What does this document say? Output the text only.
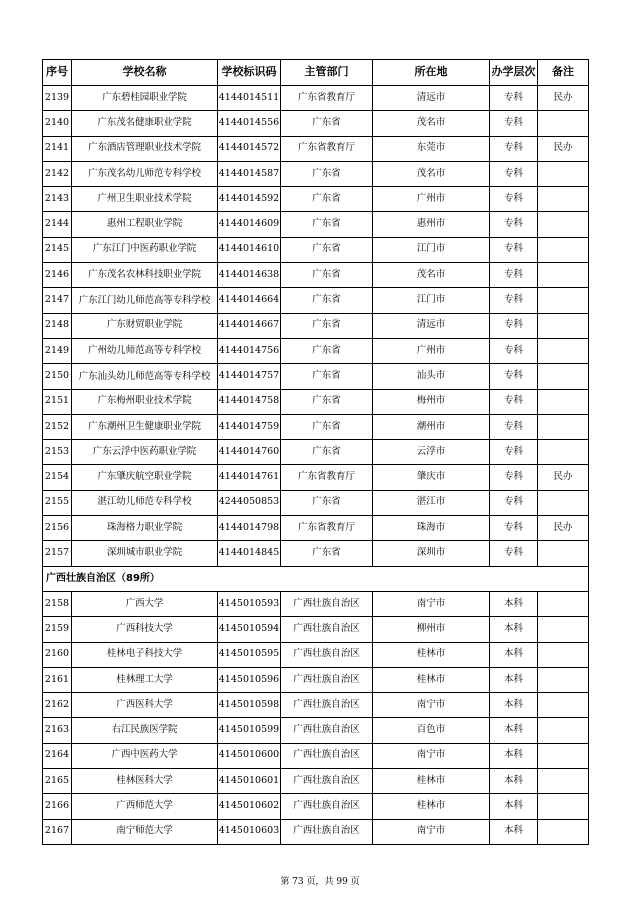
序号	学校名称	学校标识码	主管部门	所在地	办学层次	备注
2139	广东碧桂园职业学院	4144014511	广东省教育厅	清远市	专科	民办
2140	广东茂名健康职业学院	4144014556	广东省	茂名市	专科	
2141	广东酒店管理职业技术学院	4144014572	广东省教育厅	东莞市	专科	民办
2142	广东茂名幼儿师范专科学校	4144014587	广东省	茂名市	专科	
2143	广州卫生职业技术学院	4144014592	广东省	广州市	专科	
2144	惠州工程职业学院	4144014609	广东省	惠州市	专科	
2145	广东江门中医药职业学院	4144014610	广东省	江门市	专科	
2146	广东茂名农林科技职业学院	4144014638	广东省	茂名市	专科	
2147	广东江门幼儿师范高等专科学校	4144014664	广东省	江门市	专科	
2148	广东财贸职业学院	4144014667	广东省	清远市	专科	
2149	广州幼儿师范高等专科学校	4144014756	广东省	广州市	专科	
2150	广东汕头幼儿师范高等专科学校	4144014757	广东省	汕头市	专科	
2151	广东梅州职业技术学院	4144014758	广东省	梅州市	专科	
2152	广东潮州卫生健康职业学院	4144014759	广东省	潮州市	专科	
2153	广东云浮中医药职业学院	4144014760	广东省	云浮市	专科	
2154	广东肇庆航空职业学院	4144014761	广东省教育厅	肇庆市	专科	民办
2155	湛江幼儿师范专科学校	4244050853	广东省	湛江市	专科	
2156	珠海格力职业学院	4144014798	广东省教育厅	珠海市	专科	民办
2157	深圳城市职业学院	4144014845	广东省	深圳市	专科	
广西壮族自治区（89所）						
2158	广西大学	4145010593	广西壮族自治区	南宁市	本科	
2159	广西科技大学	4145010594	广西壮族自治区	柳州市	本科	
2160	桂林电子科技大学	4145010595	广西壮族自治区	桂林市	本科	
2161	桂林理工大学	4145010596	广西壮族自治区	桂林市	本科	
2162	广西医科大学	4145010598	广西壮族自治区	南宁市	本科	
2163	右江民族医学院	4145010599	广西壮族自治区	百色市	本科	
2164	广西中医药大学	4145010600	广西壮族自治区	南宁市	本科	
2165	桂林医科大学	4145010601	广西壮族自治区	桂林市	本科	
2166	广西师范大学	4145010602	广西壮族自治区	桂林市	本科	
2167	南宁师范大学	4145010603	广西壮族自治区	南宁市	本科	
第 73 页，共 99 页
